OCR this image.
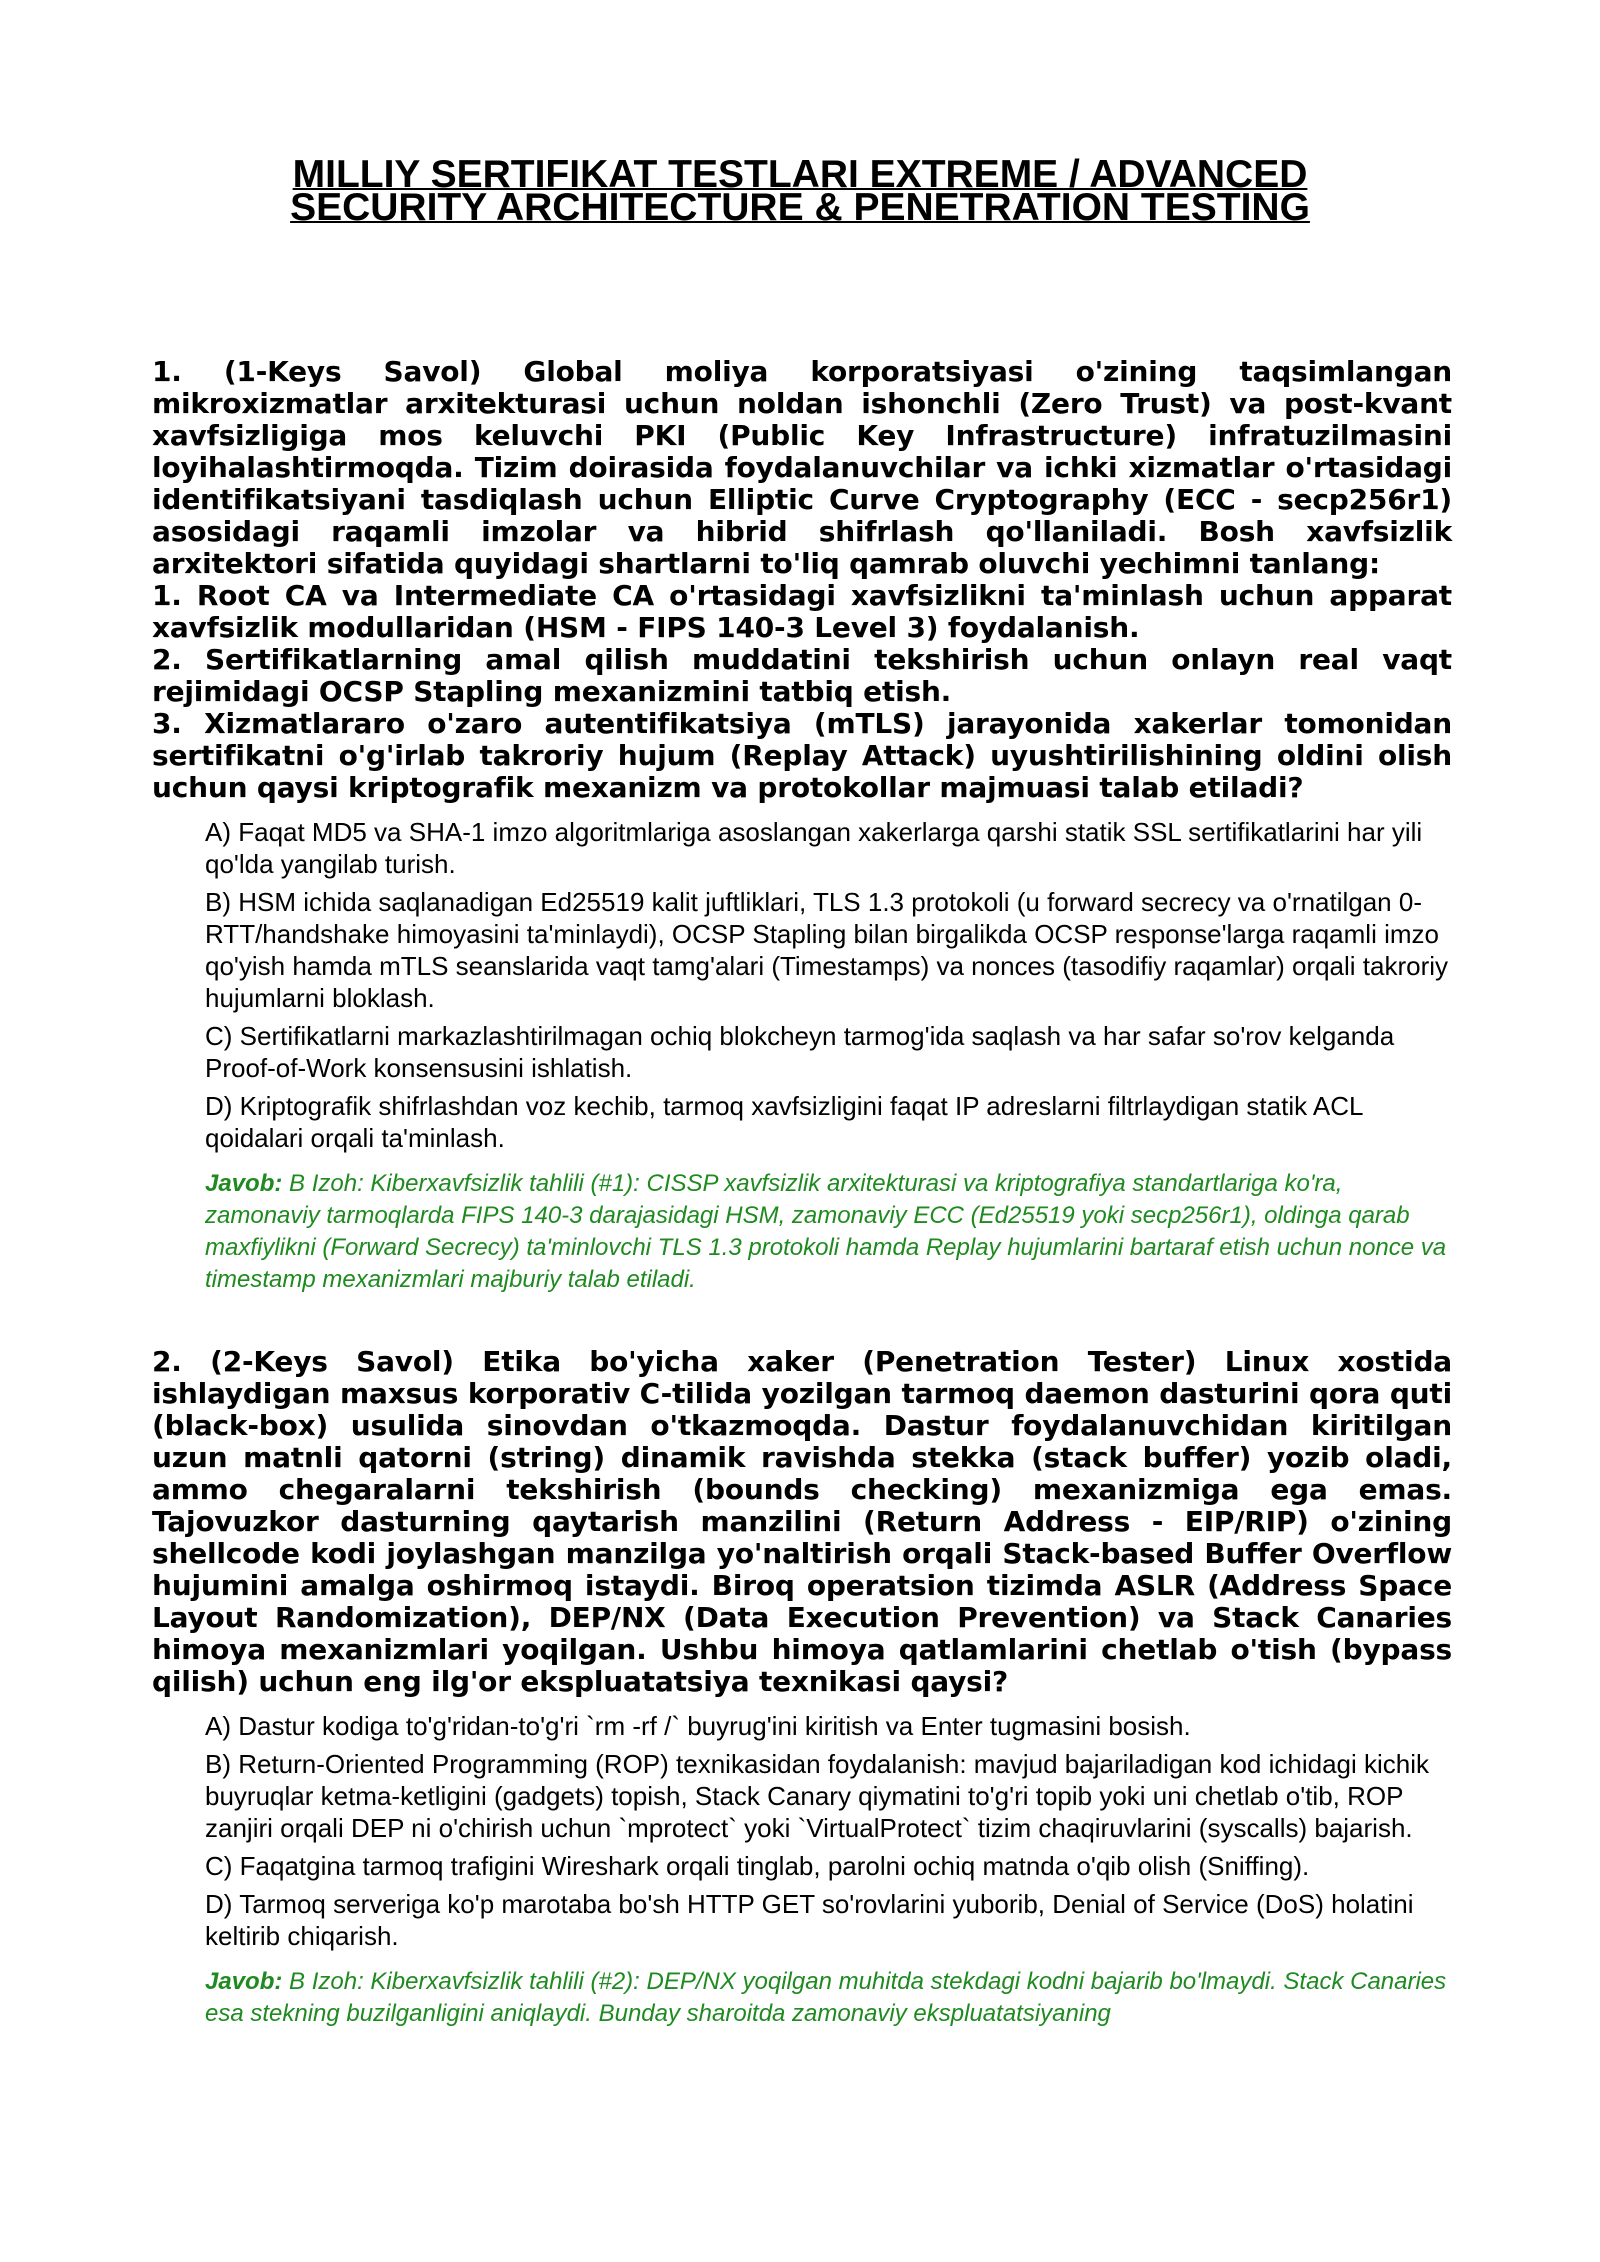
MILLIY SERTIFIKAT TESTLARI EXTREME / ADVANCED
SECURITY ARCHITECTURE & PENETRATION TESTING

1. (1-Keys Savol) Global moliya korporatsiyasi o'zining taqsimlangan mikroxizmatlar arxitekturasi uchun noldan ishonchli (Zero Trust) va post-kvant xavfsizligiga mos keluvchi PKI (Public Key Infrastructure) infratuzilmasini loyihalashtirmoqda. Tizim doirasida foydalanuvchilar va ichki xizmatlar o'rtasidagi identifikatsiyani tasdiqlash uchun Elliptic Curve Cryptography (ECC - secp256r1) asosidagi raqamli imzolar va hibrid shifrlash qo'llaniladi. Bosh xavfsizlik arxitektori sifatida quyidagi shartlarni to'liq qamrab oluvchi yechimni tanlang:

1. Root CA va Intermediate CA o'rtasidagi xavfsizlikni ta'minlash uchun apparat xavfsizlik modullaridan (HSM - FIPS 140-3 Level 3) foydalanish.

2. Sertifikatlarning amal qilish muddatini tekshirish uchun onlayn real vaqt rejimidagi OCSP Stapling mexanizmini tatbiq etish.

3. Xizmatlararo o'zaro autentifikatsiya (mTLS) jarayonida xakerlar tomonidan sertifikatni o'g'irlab takroriy hujum (Replay Attack) uyushtirilishining oldini olish uchun qaysi kriptografik mexanizm va protokollar majmuasi talab etiladi?

A) Faqat MD5 va SHA-1 imzo algoritmlariga asoslangan xakerlarga qarshi statik SSL sertifikatlarini har yili qo'lda yangilab turish.

B) HSM ichida saqlanadigan Ed25519 kalit juftliklari, TLS 1.3 protokoli (u forward secrecy va o'rnatilgan 0-RTT/handshake himoyasini ta'minlaydi), OCSP Stapling bilan birgalikda OCSP response'larga raqamli imzo qo'yish hamda mTLS seanslarida vaqt tamg'alari (Timestamps) va nonces (tasodifiy raqamlar) orqali takroriy hujumlarni bloklash.

C) Sertifikatlarni markazlashtirilmagan ochiq blokcheyn tarmog'ida saqlash va har safar so'rov kelganda Proof-of-Work konsensusini ishlatish.

D) Kriptografik shifrlashdan voz kechib, tarmoq xavfsizligini faqat IP adreslarni filtrlaydigan statik ACL qoidalari orqali ta'minlash.

Javob: B Izoh: Kiberxavfsizlik tahlili (#1): CISSP xavfsizlik arxitekturasi va kriptografiya standartlariga ko'ra, zamonaviy tarmoqlarda FIPS 140-3 darajasidagi HSM, zamonaviy ECC (Ed25519 yoki secp256r1), oldinga qarab maxfiylikni (Forward Secrecy) ta'minlovchi TLS 1.3 protokoli hamda Replay hujumlarini bartaraf etish uchun nonce va timestamp mexanizmlari majburiy talab etiladi.

2. (2-Keys Savol) Etika bo'yicha xaker (Penetration Tester) Linux xostida ishlaydigan maxsus korporativ C-tilida yozilgan tarmoq daemon dasturini qora quti (black-box) usulida sinovdan o'tkazmoqda. Dastur foydalanuvchidan kiritilgan uzun matnli qatorni (string) dinamik ravishda stekka (stack buffer) yozib oladi, ammo chegaralarni tekshirish (bounds checking) mexanizmiga ega emas. Tajovuzkor dasturning qaytarish manzilini (Return Address - EIP/RIP) o'zining shellcode kodi joylashgan manzilga yo'naltirish orqali Stack-based Buffer Overflow hujumini amalga oshirmoq istaydi. Biroq operatsion tizimda ASLR (Address Space Layout Randomization), DEP/NX (Data Execution Prevention) va Stack Canaries himoya mexanizmlari yoqilgan. Ushbu himoya qatlamlarini chetlab o'tish (bypass qilish) uchun eng ilg'or ekspluatatsiya texnikasi qaysi?

A) Dastur kodiga to'g'ridan-to'g'ri `rm -rf /` buyrug'ini kiritish va Enter tugmasini bosish.

B) Return-Oriented Programming (ROP) texnikasidan foydalanish: mavjud bajariladigan kod ichidagi kichik buyruqlar ketma-ketligini (gadgets) topish, Stack Canary qiymatini to'g'ri topib yoki uni chetlab o'tib, ROP zanjiri orqali DEP ni o'chirish uchun `mprotect` yoki `VirtualProtect` tizim chaqiruvlarini (syscalls) bajarish.

C) Faqatgina tarmoq trafigini Wireshark orqali tinglab, parolni ochiq matnda o'qib olish (Sniffing).

D) Tarmoq serveriga ko'p marotaba bo'sh HTTP GET so'rovlarini yuborib, Denial of Service (DoS) holatini keltirib chiqarish.

Javob: B Izoh: Kiberxavfsizlik tahlili (#2): DEP/NX yoqilgan muhitda stekdagi kodni bajarib bo'lmaydi. Stack Canaries esa stekning buzilganligini aniqlaydi. Bunday sharoitda zamonaviy ekspluatatsiyaning
